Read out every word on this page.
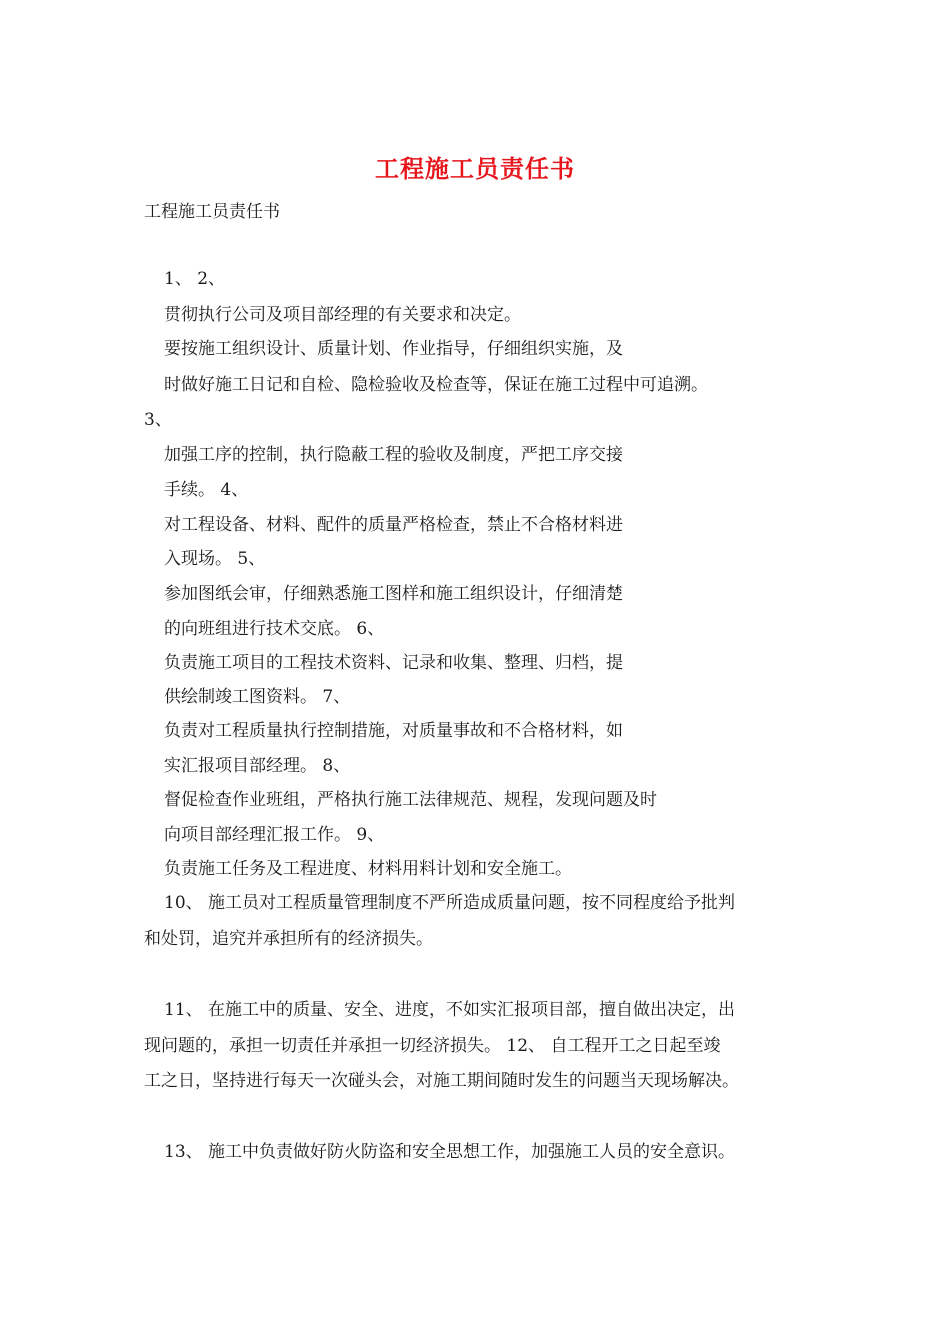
工程施工员责任书

工程施工员责任书

1、 2、

贯彻执行公司及项目部经理的有关要求和决定。

要按施工组织设计、质量计划、作业指导，仔细组织实施，及

时做好施工日记和自检、隐检验收及检查等，保证在施工过程中可追溯。

3、

加强工序的控制，执行隐蔽工程的验收及制度，严把工序交接

手续。 4、

对工程设备、材料、配件的质量严格检查，禁止不合格材料进

入现场。 5、

参加图纸会审，仔细熟悉施工图样和施工组织设计，仔细清楚

的向班组进行技术交底。 6、

负责施工项目的工程技术资料、记录和收集、整理、归档，提

供绘制竣工图资料。 7、

负责对工程质量执行控制措施，对质量事故和不合格材料，如

实汇报项目部经理。 8、

督促检查作业班组，严格执行施工法律规范、规程，发现问题及时

向项目部经理汇报工作。 9、

负责施工任务及工程进度、材料用料计划和安全施工。

10、 施工员对工程质量管理制度不严所造成质量问题，按不同程度给予批判

和处罚，追究并承担所有的经济损失。

11、 在施工中的质量、安全、进度，不如实汇报项目部，擅自做出决定，出

现问题的，承担一切责任并承担一切经济损失。 12、 自工程开工之日起至竣

工之日，坚持进行每天一次碰头会，对施工期间随时发生的问题当天现场解决。

13、 施工中负责做好防火防盗和安全思想工作，加强施工人员的安全意识。
